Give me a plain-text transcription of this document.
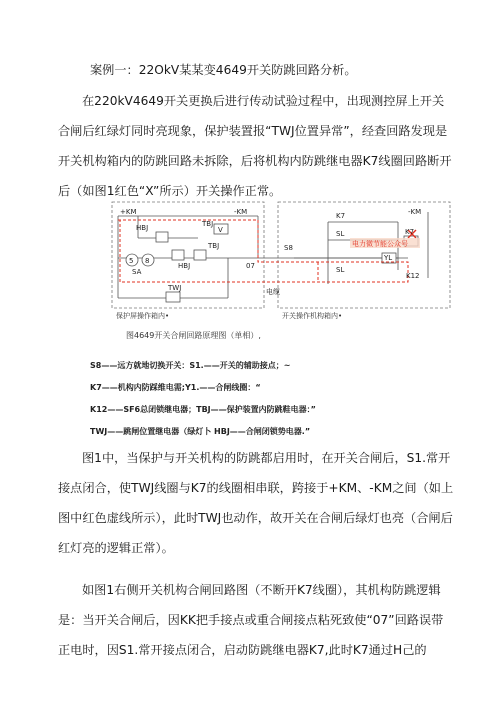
案例一：22OkV某某变4649开关防跳回路分析。
在220kV4649开关更换后进行传动试验过程中，出现测控屏上开关合闸后红绿灯同时亮现象，保护装置报“TWJ位置异常”，经查回路发现是开关机构箱内的防跳回路未拆除，后将机构内防跳继电器K7线圈回路断开后（如图1红色“X”所示）开关操作正常。
+KM	-KM	-KM
HBJ
HBJ
TBJ
TBJ
V
TWJ
5 8
SA
07
S8
K7
K7
K12
SL
SL
YL
电缆
电力微节能公众号
保护屏操作箱内•	开关操作机构箱内•
图4649开关合闸回路原理图（单相）,
S8——远方就地切换开关：S1.——开关的辅助接点；~
K7——机构内防踩维电需;Y1.——合闸线圈：“
K12——SF6总闭锁继电器；TBJ——保护装置内防跳鞋电器：”
TWJ——跳闸位置继电器（绿灯卜 HBJ——合闸闭锁势电器.”
图1中，当保护与开关机构的防跳都启用时，在开关合闸后，S1.常开接点闭合，使TWJ线圈与K7的线圈相串联，跨接于+KM、-KM之间（如上图中红色虚线所示），此时TWJ也动作，故开关在合闸后绿灯也亮（合闸后红灯亮的逻辑正常）。
如图1右侧开关机构合闸回路图（不断开K7线圈），其机构防跳逻辑是：当开关合闸后，因KK把手接点或重合闸接点粘死致使“07”回路误带正电时，因S1.常开接点闭合，启动防跳继电器K7,此时K7通过H己的
